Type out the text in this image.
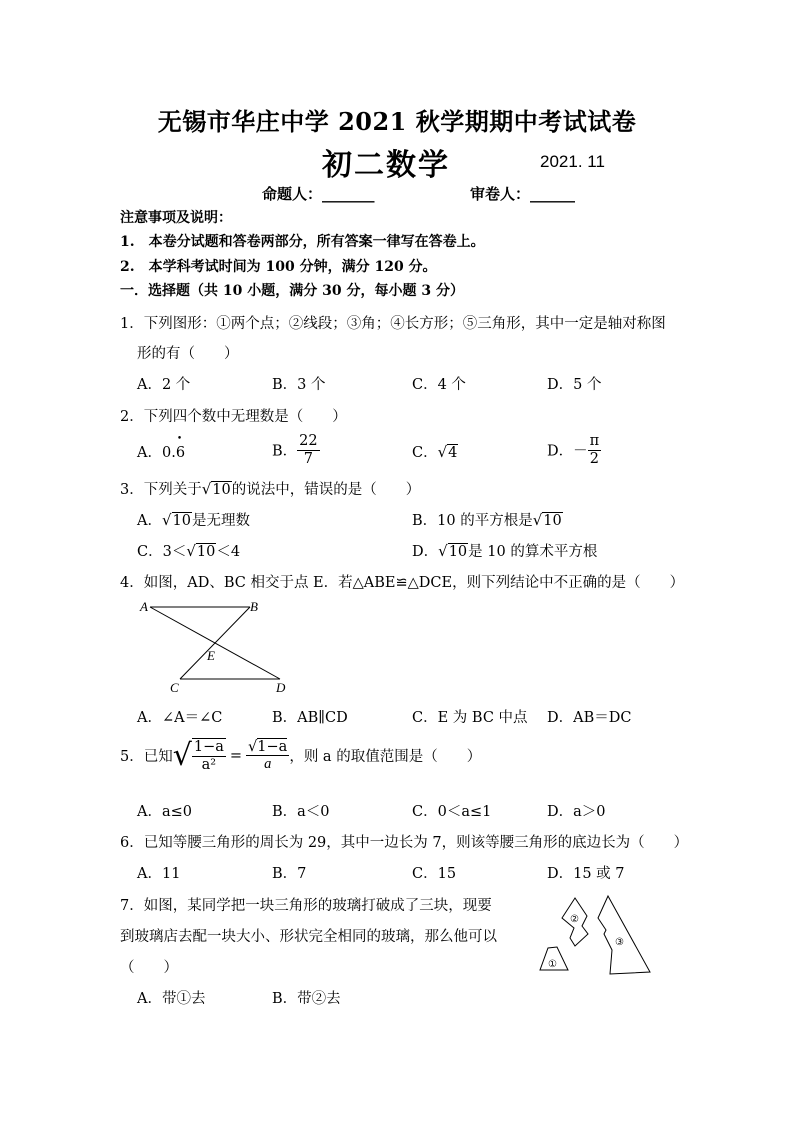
无锡市华庄中学 2021 秋学期期中考试试卷
初二数学	2021. 11
命题人：_______	审卷人：______
注意事项及说明：
1.　本卷分试题和答卷两部分，所有答案一律写在答卷上。
2.　本学科考试时间为 100 分钟，满分 120 分。
一．选择题（共 10 小题，满分 30 分，每小题 3 分）
1．下列图形：①两个点；②线段；③角；④长方形；⑤三角形，其中一定是轴对称图
形的有（　　）
A．2 个	B．3 个	C．4 个	D．5 个
2．下列四个数中无理数是（　　）
A．0.• 6	B． $\frac{22}{7}$	C．√4	D．－ $\frac{\pi}{2}$
3．下列关于√10的说法中，错误的是（　　）
A．√10是无理数	B．10 的平方根是√10
C．3＜√10＜4	D．√10是 10 的算术平方根
4．如图，AD、BC 相交于点 E．若△ABE≌△DCE，则下列结论中不正确的是（　　）
A	B
C	D
E
A．∠A＝∠C	B．AB∥CD	C．E 为 BC 中点 D．AB＝DC
5．已知√ $\frac{1-a}{\text{a²}} = \frac{√1-a}{a}$ ，则 a 的取值范围是（　　）
A．a≤0	B．a＜0	C．0＜a≤1	D．a＞0
6．已知等腰三角形的周长为 29，其中一边长为 7，则该等腰三角形的底边长为（　　）
A．11	B．7	C．15	D．15 或 7
7．如图，某同学把一块三角形的玻璃打破成了三块，现要
到玻璃店去配一块大小、形状完全相同的玻璃，那么他可以
（　　）	①
②
③
A．带①去	B．带②去
